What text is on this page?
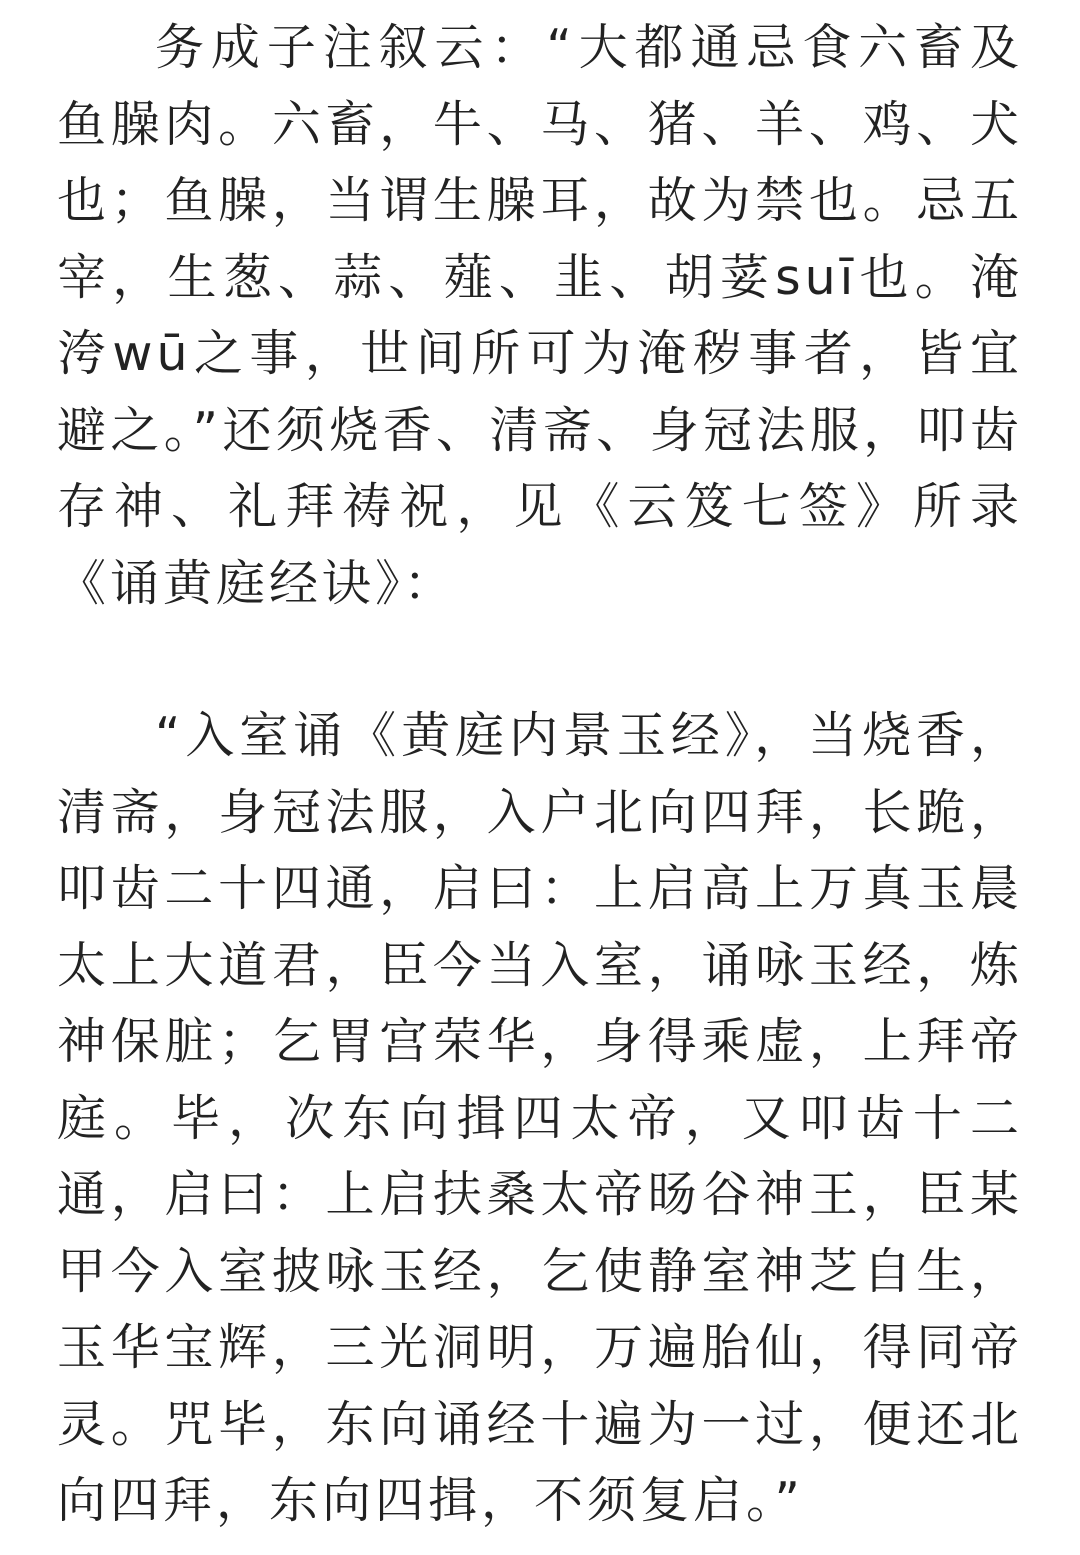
务成子注叙云：“大都通忌食六畜及鱼臊肉。六畜，牛、马、猪、羊、鸡、犬也；鱼臊，当谓生臊耳，故为禁也。忌五宰，生葱、蒜、薤、韭、胡荽suī也。淹洿wū之事，世间所可为淹秽事者，皆宜避之。”还须烧香、清斋、身冠法服，叩齿存神、礼拜祷祝，见《云笈七签》所录《诵黄庭经诀》：

“入室诵《黄庭内景玉经》，当烧香，清斋，身冠法服，入户北向四拜，长跪，叩齿二十四通，启曰：上启高上万真玉晨太上大道君，臣今当入室，诵咏玉经，炼神保脏；乞胃宫荣华，身得乘虚，上拜帝庭。毕，次东向揖四太帝，又叩齿十二通，启曰：上启扶桑太帝旸谷神王，臣某甲今入室披咏玉经，乞使静室神芝自生，玉华宝辉，三光洞明，万遍胎仙，得同帝灵。咒毕，东向诵经十遍为一过，便还北向四拜，东向四揖，不须复启。”
